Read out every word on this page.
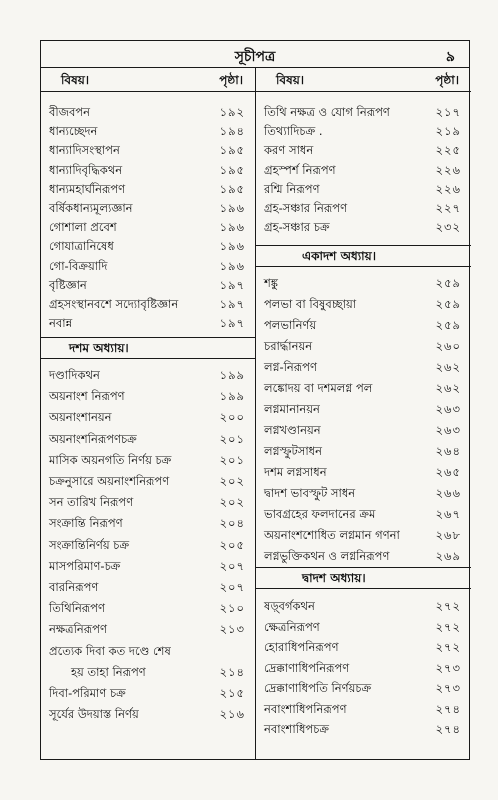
সূচীপত্র	৯
বিষয়।	পৃষ্ঠা।
বীজবপন	১৯২
ধান্যচ্ছেদন	১৯৪
ধান্যাদিসংস্থাপন	১৯৫
ধান্যাদিবৃদ্ধিকথন	১৯৫
ধান্যমহার্ঘনিরূপণ	১৯৫
বর্ষিকধান্যমূল্যজ্ঞান	১৯৬
গোশালা প্রবেশ	১৯৬
গোযাত্রানিষেধ	১৯৬
গো-বিক্রয়াদি	১৯৬
বৃষ্টিজ্ঞান	১৯৭
গ্রহসংস্থানবশে সদ্যোবৃষ্টিজ্ঞান	১৯৭
নবান্ন	১৯৭
দশম অধ্যায়।
দণ্ডাদিকথন	১৯৯
অয়নাংশ নিরূপণ	১৯৯
অয়নাংশানয়ন	২০০
অয়নাংশনিরূপণচক্র	২০১
মাসিক অয়নগতি নির্ণয় চক্র	২০১
চক্রনুসারে অয়নাংশনিরূপণ	২০২
সন তারিখ নিরূপণ	২০২
সংক্রান্তি নিরূপণ	২০৪
সংক্রান্তিনির্ণয় চক্র	২০৫
মাসপরিমাণ-চক্র	২০৭
বারনিরূপণ	২০৭
তিথিনিরূপণ	২১০
নক্ষত্রনিরূপণ	২১৩
প্রত্যেক দিবা কত দণ্ডে শেষ
হয় তাহা নিরূপণ	২১৪
দিবা-পরিমাণ চক্র	২১৫
সূর্যের উদয়াস্ত নির্ণয়	২১৬
বিষয়।	পৃষ্ঠা।
তিথি নক্ষত্র ও যোগ নিরূপণ	২১৭
তিথ্যাদিচক্র .	২১৯
করণ সাধন	২২৫
গ্রহস্পর্শ নিরূপণ	২২৬
রশ্মি নিরূপণ	২২৬
গ্রহ-সঞ্চার নিরূপণ	২২৭
গ্রহ-সঞ্চার চক্র	২৩২
একাদশ অধ্যায়।
শঙ্কু	২৫৯
পলভা বা বিষুবচ্ছায়া	২৫৯
পলভানির্ণয়	২৫৯
চরার্দ্ধানয়ন	২৬০
লগ্ন-নিরূপণ	২৬২
লঙ্কোদয় বা দশমলগ্ন পল	২৬২
লগ্নমানানয়ন	২৬৩
লগ্নখণ্ডানয়ন	২৬৩
লগ্নস্ফুটসাধন	২৬৪
দশম লগ্নসাধন	২৬৫
দ্বাদশ ভাবস্ফুট সাধন	২৬৬
ভাবগ্রহের ফলদানের ক্রম	২৬৭
অয়নাংশশোধিত লগ্নমান গণনা	২৬৮
লগ্নভুক্তিকথন ও লগ্ননিরূপণ	২৬৯
দ্বাদশ অধ্যায়।
ষড়্‌বর্গকথন	২৭২
ক্ষেত্রনিরূপণ	২৭২
হোরাধিপনিরূপণ	২৭২
দ্রেক্কাণাধিপনিরূপণ	২৭৩
দ্রেক্কাণাধিপতি নির্ণয়চক্র	২৭৩
নবাংশাধিপনিরূপণ	২৭৪
নবাংশাধিপচক্র	২৭৪
